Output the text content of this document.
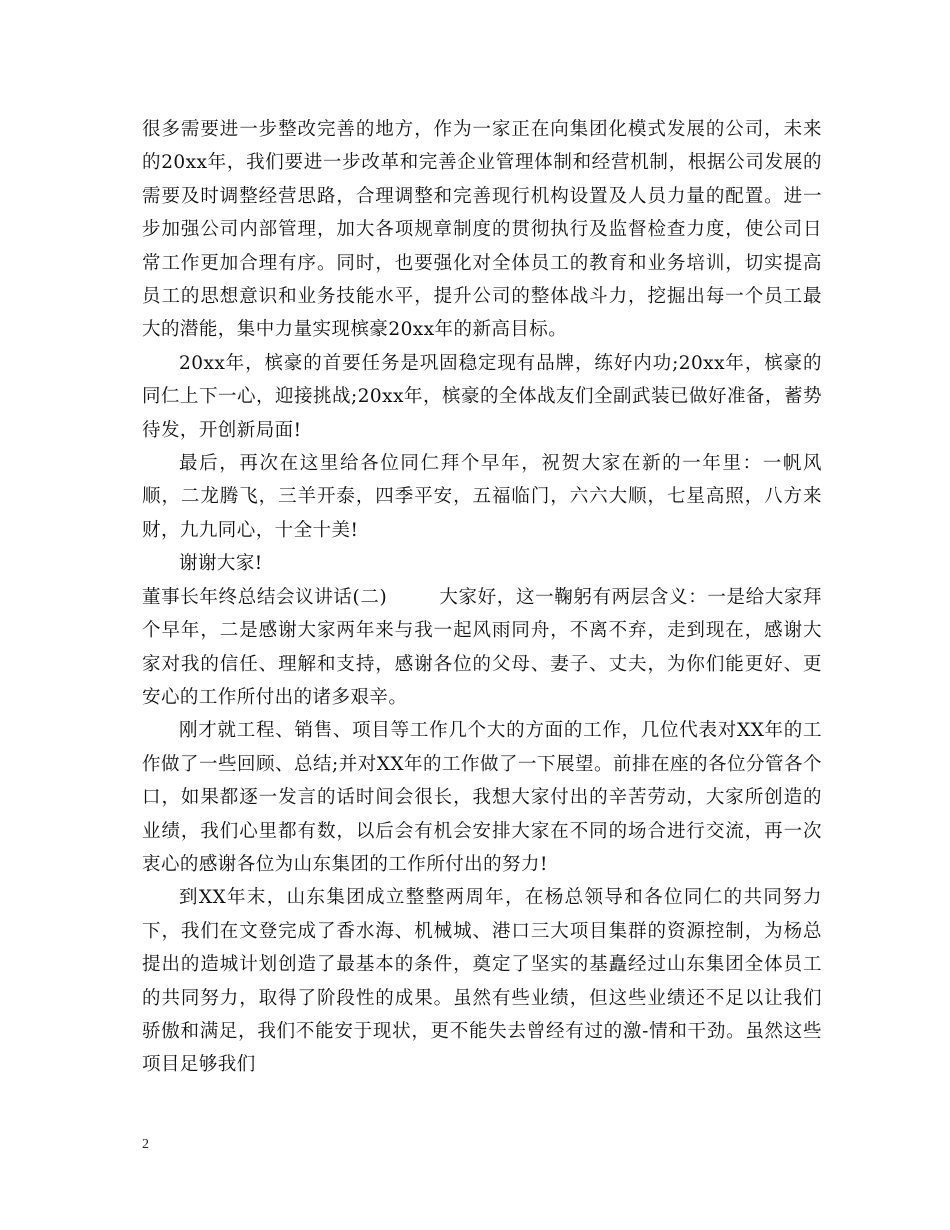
很多需要进一步整改完善的地方，作为一家正在向集团化模式发展的公司，未来的20xx年，我们要进一步改革和完善企业管理体制和经营机制，根据公司发展的需要及时调整经营思路，合理调整和完善现行机构设置及人员力量的配置。进一步加强公司内部管理，加大各项规章制度的贯彻执行及监督检查力度，使公司日常工作更加合理有序。同时，也要强化对全体员工的教育和业务培训，切实提高员工的思想意识和业务技能水平，提升公司的整体战斗力，挖掘出每一个员工最大的潜能，集中力量实现槟豪20xx年的新高目标。

20xx年，槟豪的首要任务是巩固稳定现有品牌，练好内功;20xx年，槟豪的同仁上下一心，迎接挑战;20xx年，槟豪的全体战友们全副武装已做好准备，蓄势待发，开创新局面!

最后，再次在这里给各位同仁拜个早年，祝贺大家在新的一年里：一帆风顺，二龙腾飞，三羊开泰，四季平安，五福临门，六六大顺，七星高照，八方来财，九九同心，十全十美!

谢谢大家!

董事长年终总结会议讲话(二)	大家好，这一鞠躬有两层含义：一是给大家拜个早年，二是感谢大家两年来与我一起风雨同舟，不离不弃，走到现在，感谢大家对我的信任、理解和支持，感谢各位的父母、妻子、丈夫，为你们能更好、更安心的工作所付出的诸多艰辛。

刚才就工程、销售、项目等工作几个大的方面的工作，几位代表对XX年的工作做了一些回顾、总结;并对XX年的工作做了一下展望。前排在座的各位分管各个口，如果都逐一发言的话时间会很长，我想大家付出的辛苦劳动，大家所创造的业绩，我们心里都有数，以后会有机会安排大家在不同的场合进行交流，再一次衷心的感谢各位为山东集团的工作所付出的努力!

到XX年末，山东集团成立整整两周年，在杨总领导和各位同仁的共同努力下，我们在文登完成了香水海、机械城、港口三大项目集群的资源控制，为杨总提出的造城计划创造了最基本的条件，奠定了坚实的基矗经过山东集团全体员工的共同努力，取得了阶段性的成果。虽然有些业绩，但这些业绩还不足以让我们骄傲和满足，我们不能安于现状，更不能失去曾经有过的激-情和干劲。虽然这些项目足够我们

2
